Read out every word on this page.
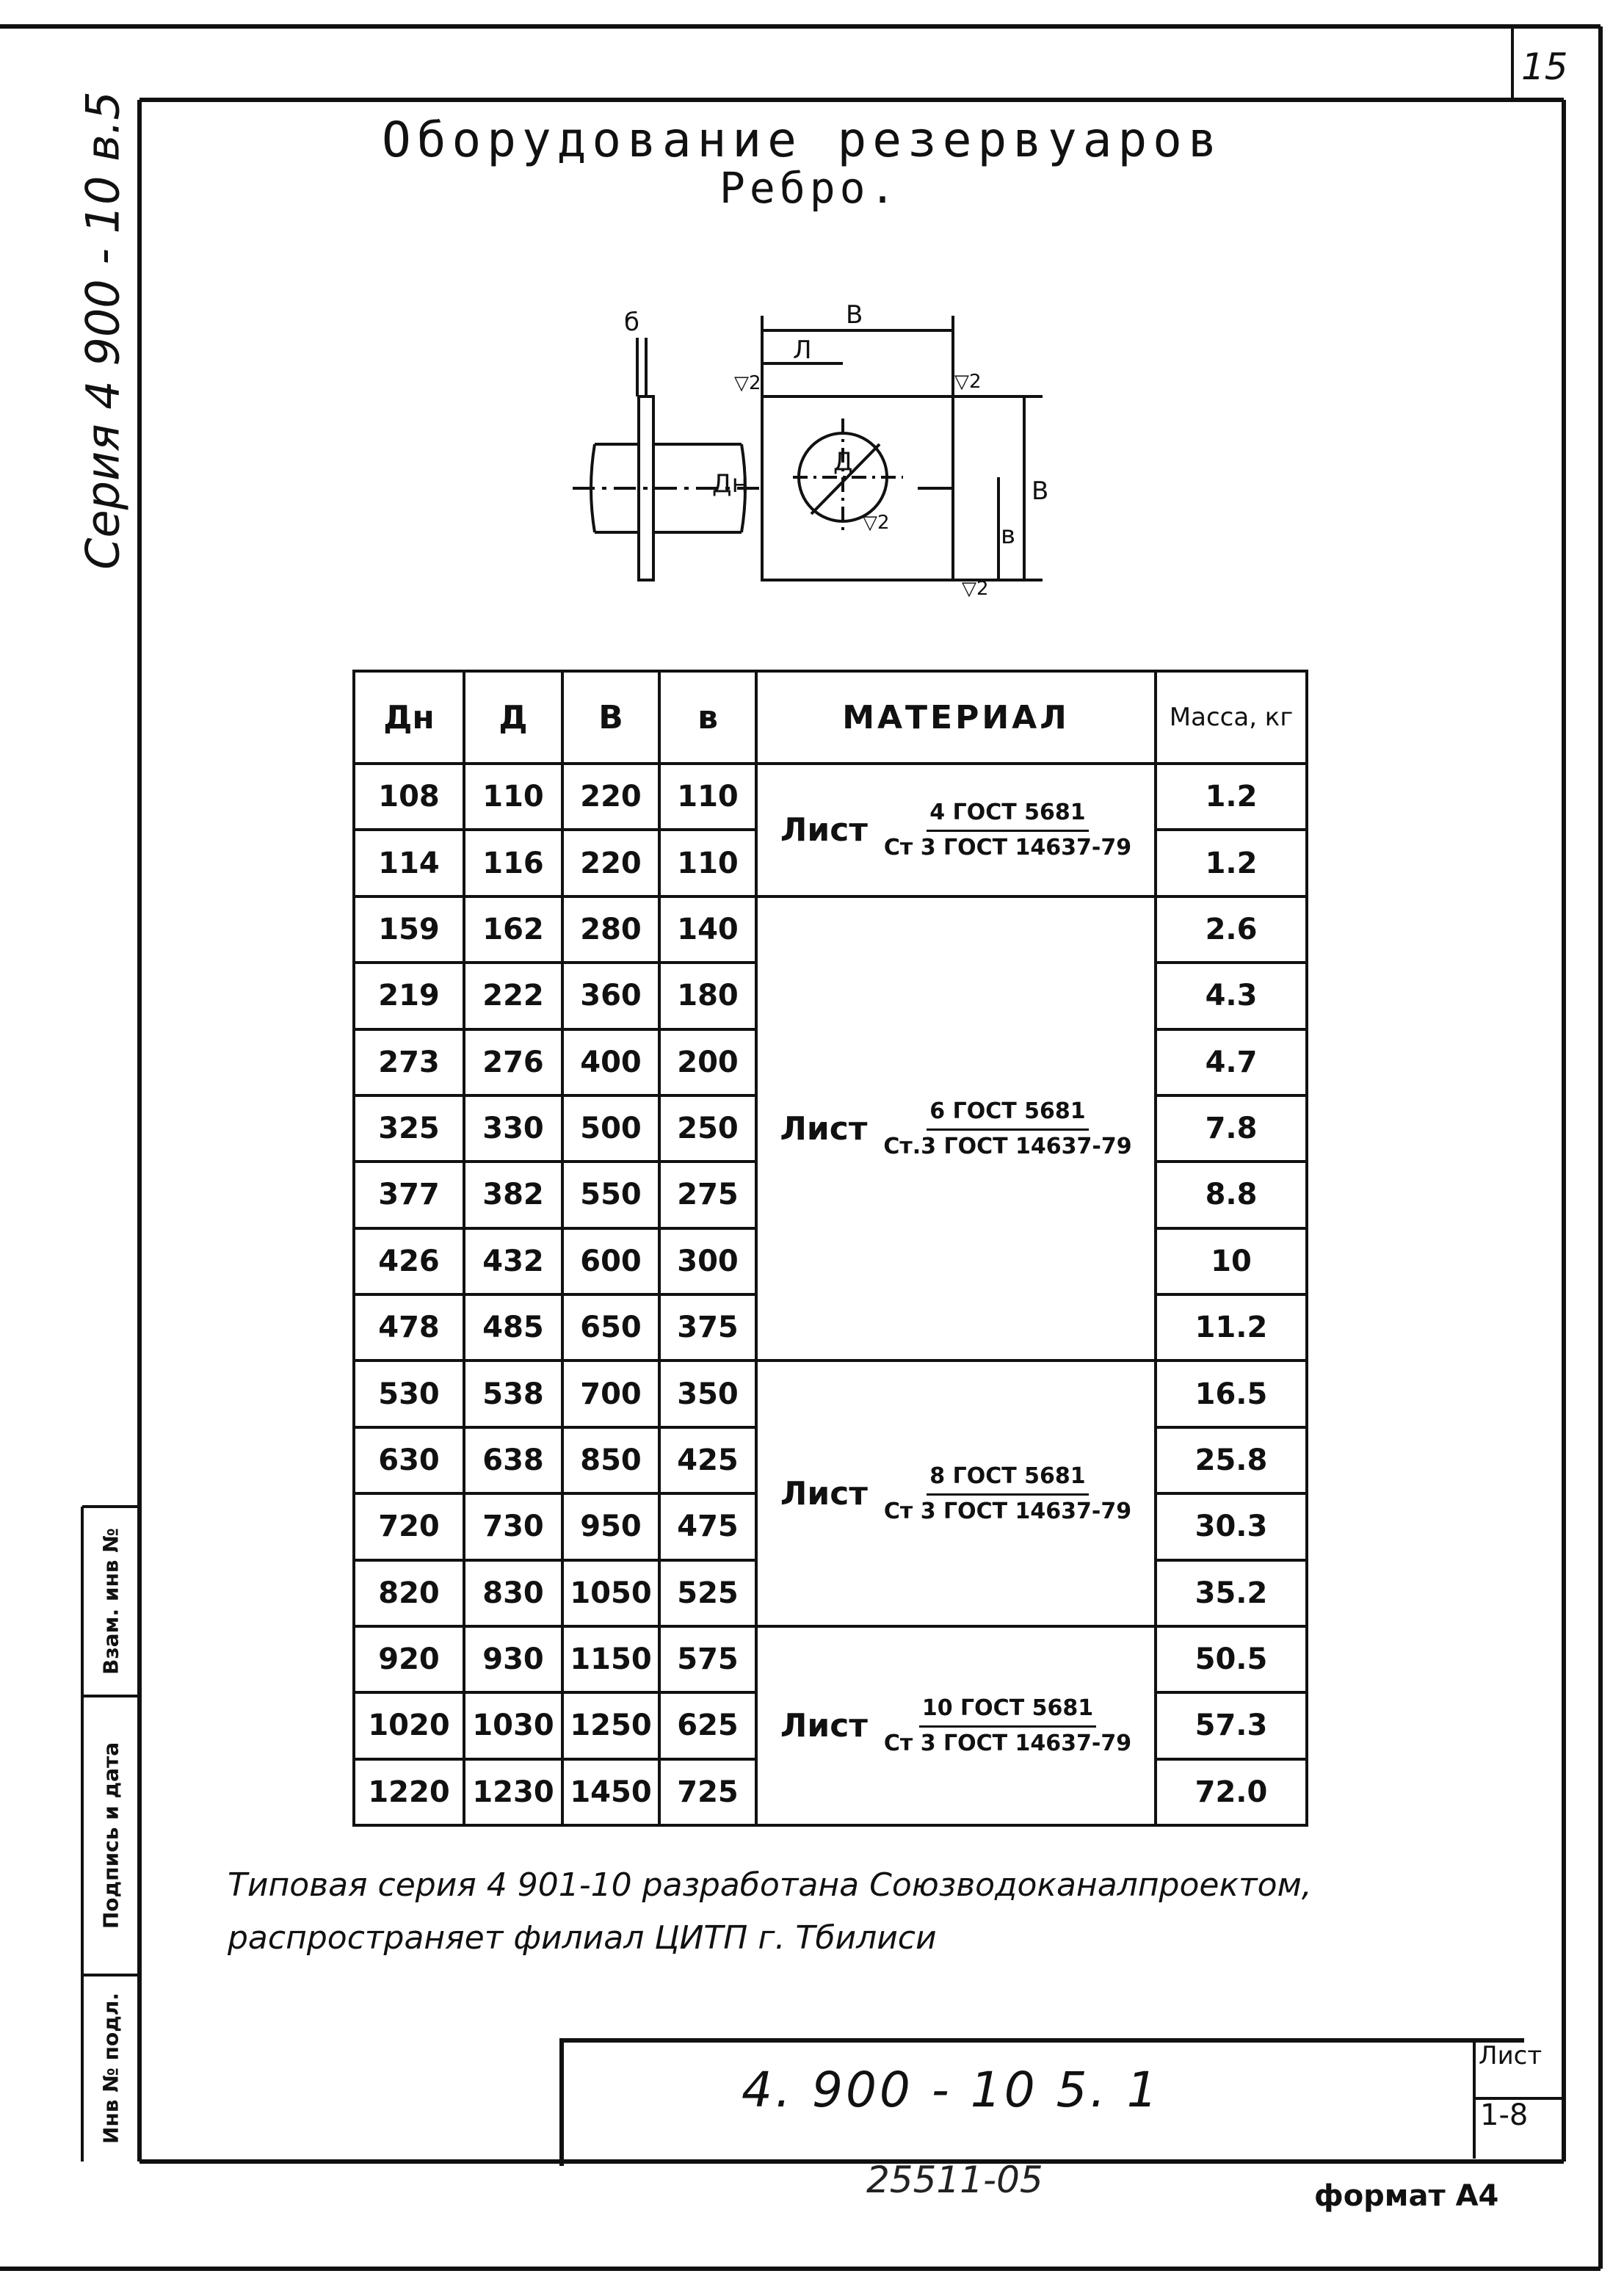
15
Серия 4 900 - 10 в.5	Оборудование резервуаров
Ребро.
В
Л
В
в
Д
Дн
б
▽2	▽2
▽2
▽2
Дн	Д	В	в	МАТЕРИАЛ	Масса, кг
108	110	220	110	Лист $\frac{\text{4 ГОСТ 5681}}{\text{Ст 3 ГОСТ 14637-79}}$	1.2
114	116	220	110		1.2
159	162	280	140	Лист $\frac{\text{6 ГОСТ 5681}}{\text{Ст.3 ГОСТ 14637-79}}$	2.6
219	222	360	180		4.3
273	276	400	200		4.7
325	330	500	250		7.8
377	382	550	275		8.8
426	432	600	300		10
478	485	650	375		11.2
530	538	700	350	Лист $\frac{\text{8 ГОСТ 5681}}{\text{Ст 3 ГОСТ 14637-79}}$	16.5
630	638	850	425		25.8
720	730	950	475		30.3
820	830	1050	525		35.2
920	930	1150	575	Лист $\frac{\text{10 ГОСТ 5681}}{\text{Ст 3 ГОСТ 14637-79}}$	50.5
1020	1030	1250	625		57.3
1220	1230	1450	725		72.0
Типовая серия 4 901-10 разработана Союзводоканалпроектом,
распространяет филиал ЦИТП г. Тбилиси
4. 900 - 10 5. 1
Лист
1-8
Взам. инв №
Подпись и дата
Инв № подл.
25511-05	формат А4
